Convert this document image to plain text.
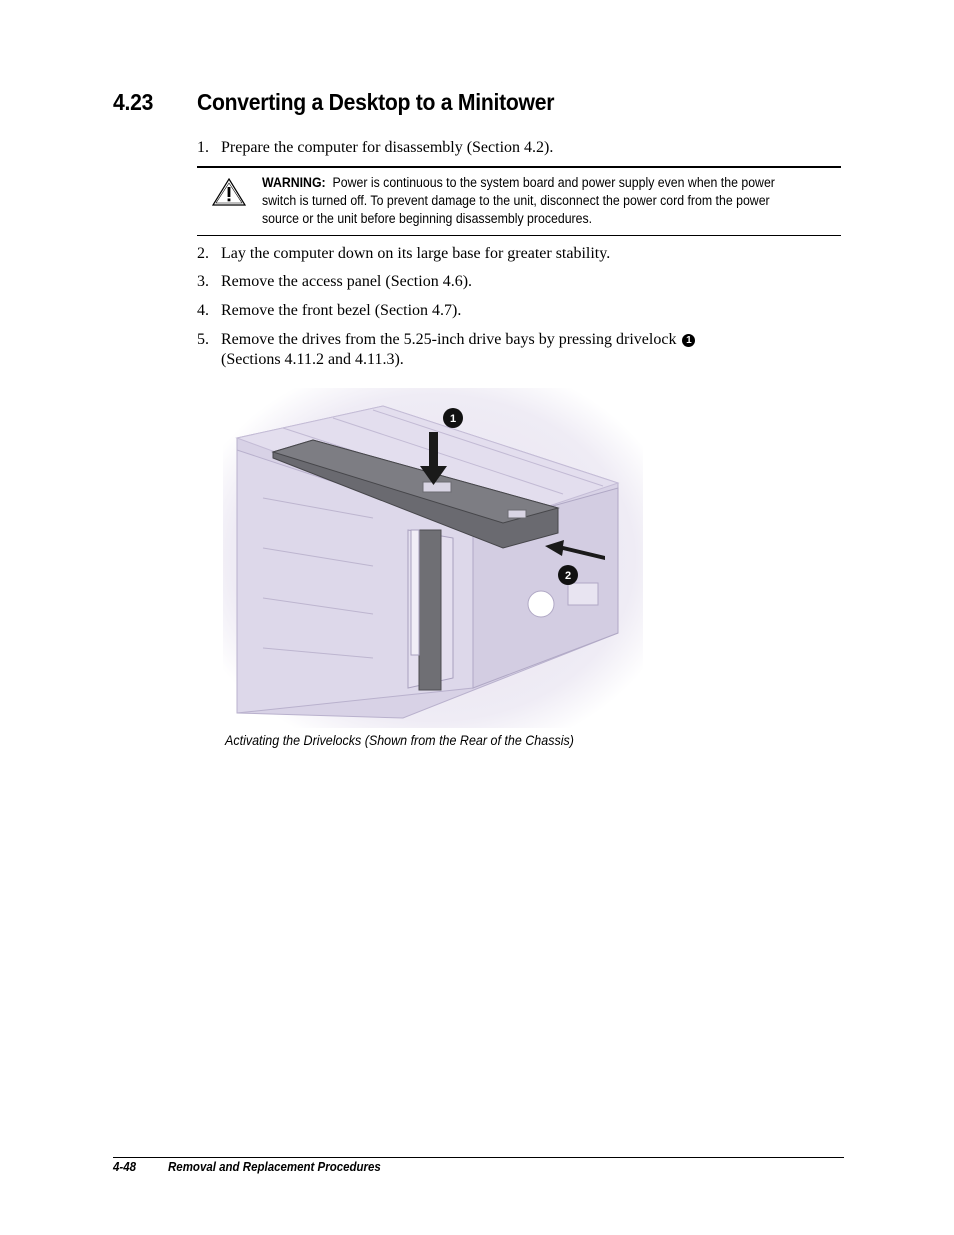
4.23 Converting a Desktop to a Minitower
1. Prepare the computer for disassembly (Section 4.2).
WARNING: Power is continuous to the system board and power supply even when the power
switch is turned off. To prevent damage to the unit, disconnect the power cord from the power
source or the unit before beginning disassembly procedures.
2. Lay the computer down on its large base for greater stability.
3. Remove the access panel (Section 4.6).
4. Remove the front bezel (Section 4.7).
5. Remove the drives from the 5.25-inch drive bays by pressing drivelock 1
(Sections 4.11.2 and 4.11.3).
1
2
Activating the Drivelocks (Shown from the Rear of the Chassis)
4-48	Removal and Replacement Procedures
